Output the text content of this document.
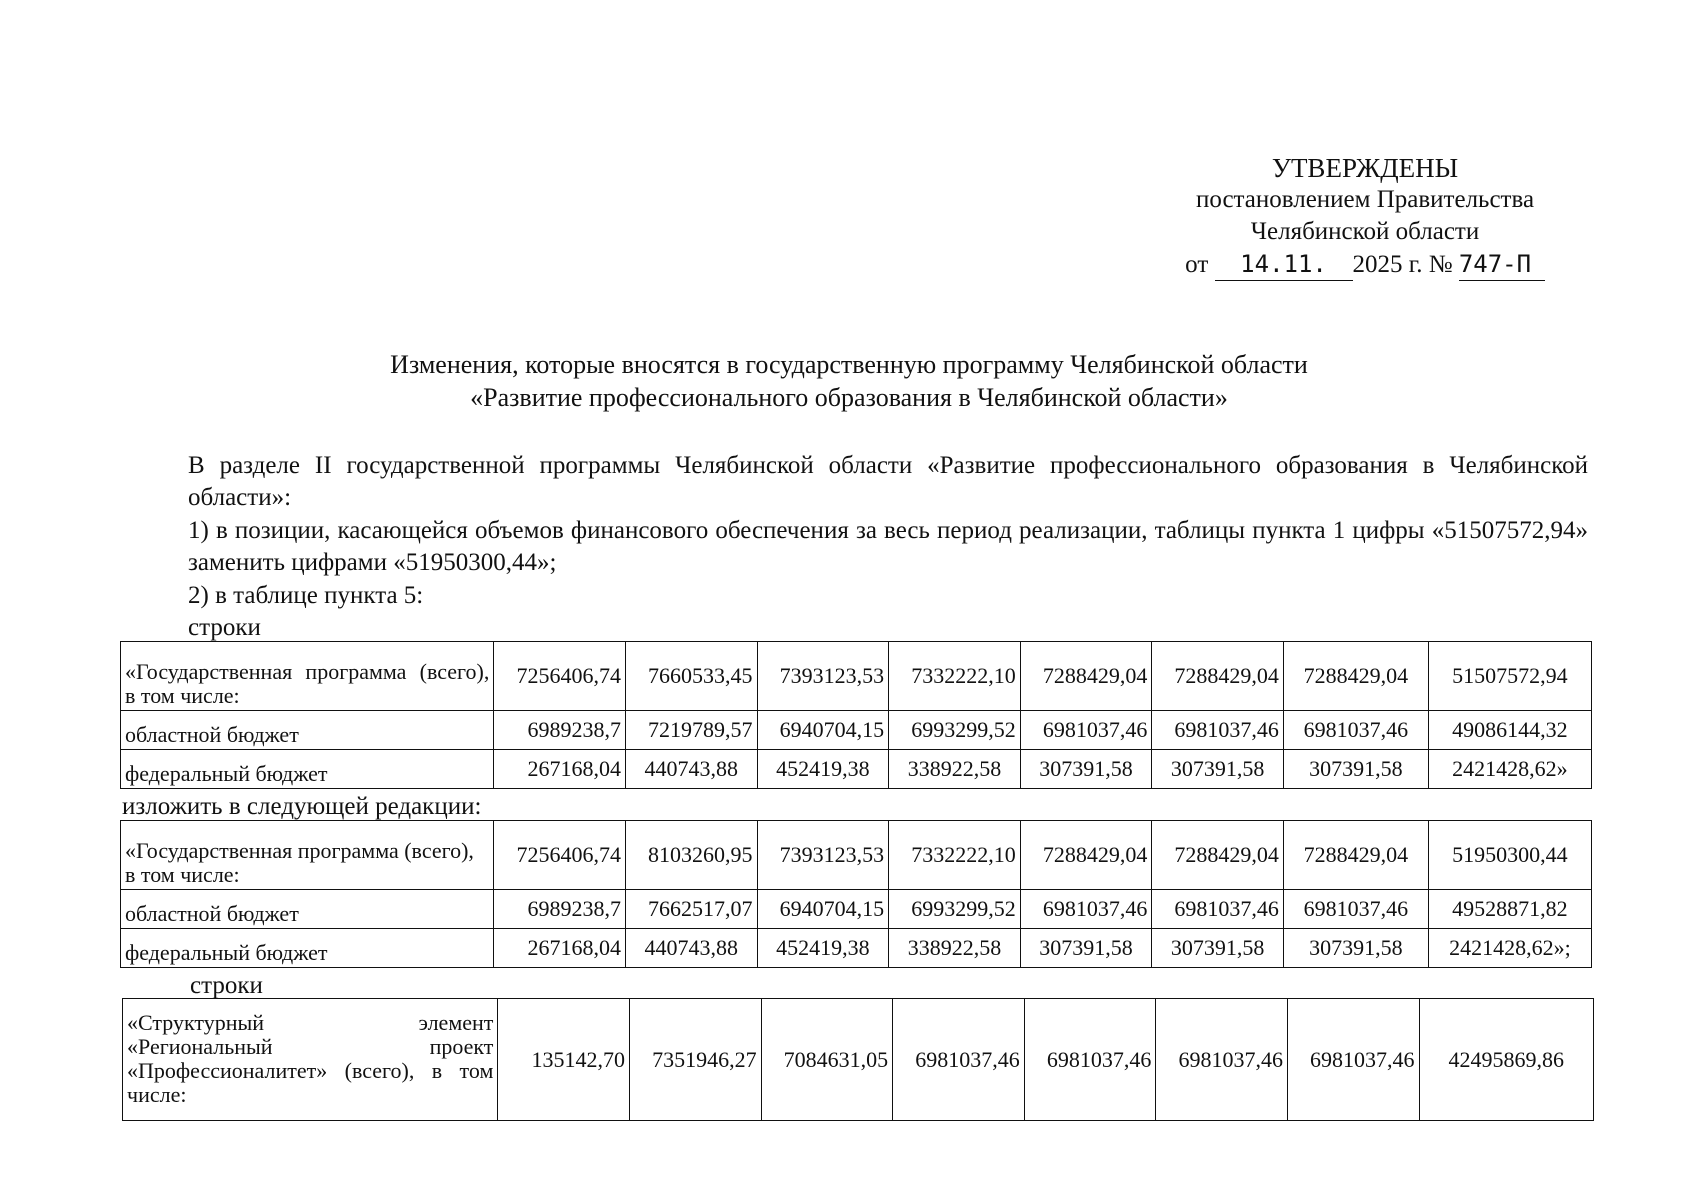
УТВЕРЖДЕНЫ
постановлением Правительства
Челябинской области
от 14.11. 2025 г. № 747-П
Изменения, которые вносятся в государственную программу Челябинской области
«Развитие профессионального образования в Челябинской области»
В разделе II государственной программы Челябинской области «Развитие профессионального образования в Челябинской области»:
1) в позиции, касающейся объемов финансового обеспечения за весь период реализации, таблицы пункта 1 цифры «51507572,94» заменить цифрами «51950300,44»;
2) в таблице пункта 5:
строки
«Государственная программа (всего), в том числе:	7256406,74	7660533,45	7393123,53	7332222,10	7288429,04	7288429,04	7288429,04	51507572,94
областной бюджет	6989238,7	7219789,57	6940704,15	6993299,52	6981037,46	6981037,46	6981037,46	49086144,32
федеральный бюджет	267168,04	440743,88	452419,38	338922,58	307391,58	307391,58	307391,58	2421428,62»
изложить в следующей редакции:
«Государственная программа (всего), в том числе:	7256406,74	8103260,95	7393123,53	7332222,10	7288429,04	7288429,04	7288429,04	51950300,44
областной бюджет	6989238,7	7662517,07	6940704,15	6993299,52	6981037,46	6981037,46	6981037,46	49528871,82
федеральный бюджет	267168,04	440743,88	452419,38	338922,58	307391,58	307391,58	307391,58	2421428,62»;
строки
«Структурный элемент «Региональный проект «Профессионалитет» (всего), в том числе:	135142,70	7351946,27	7084631,05	6981037,46	6981037,46	6981037,46	6981037,46	42495869,86
